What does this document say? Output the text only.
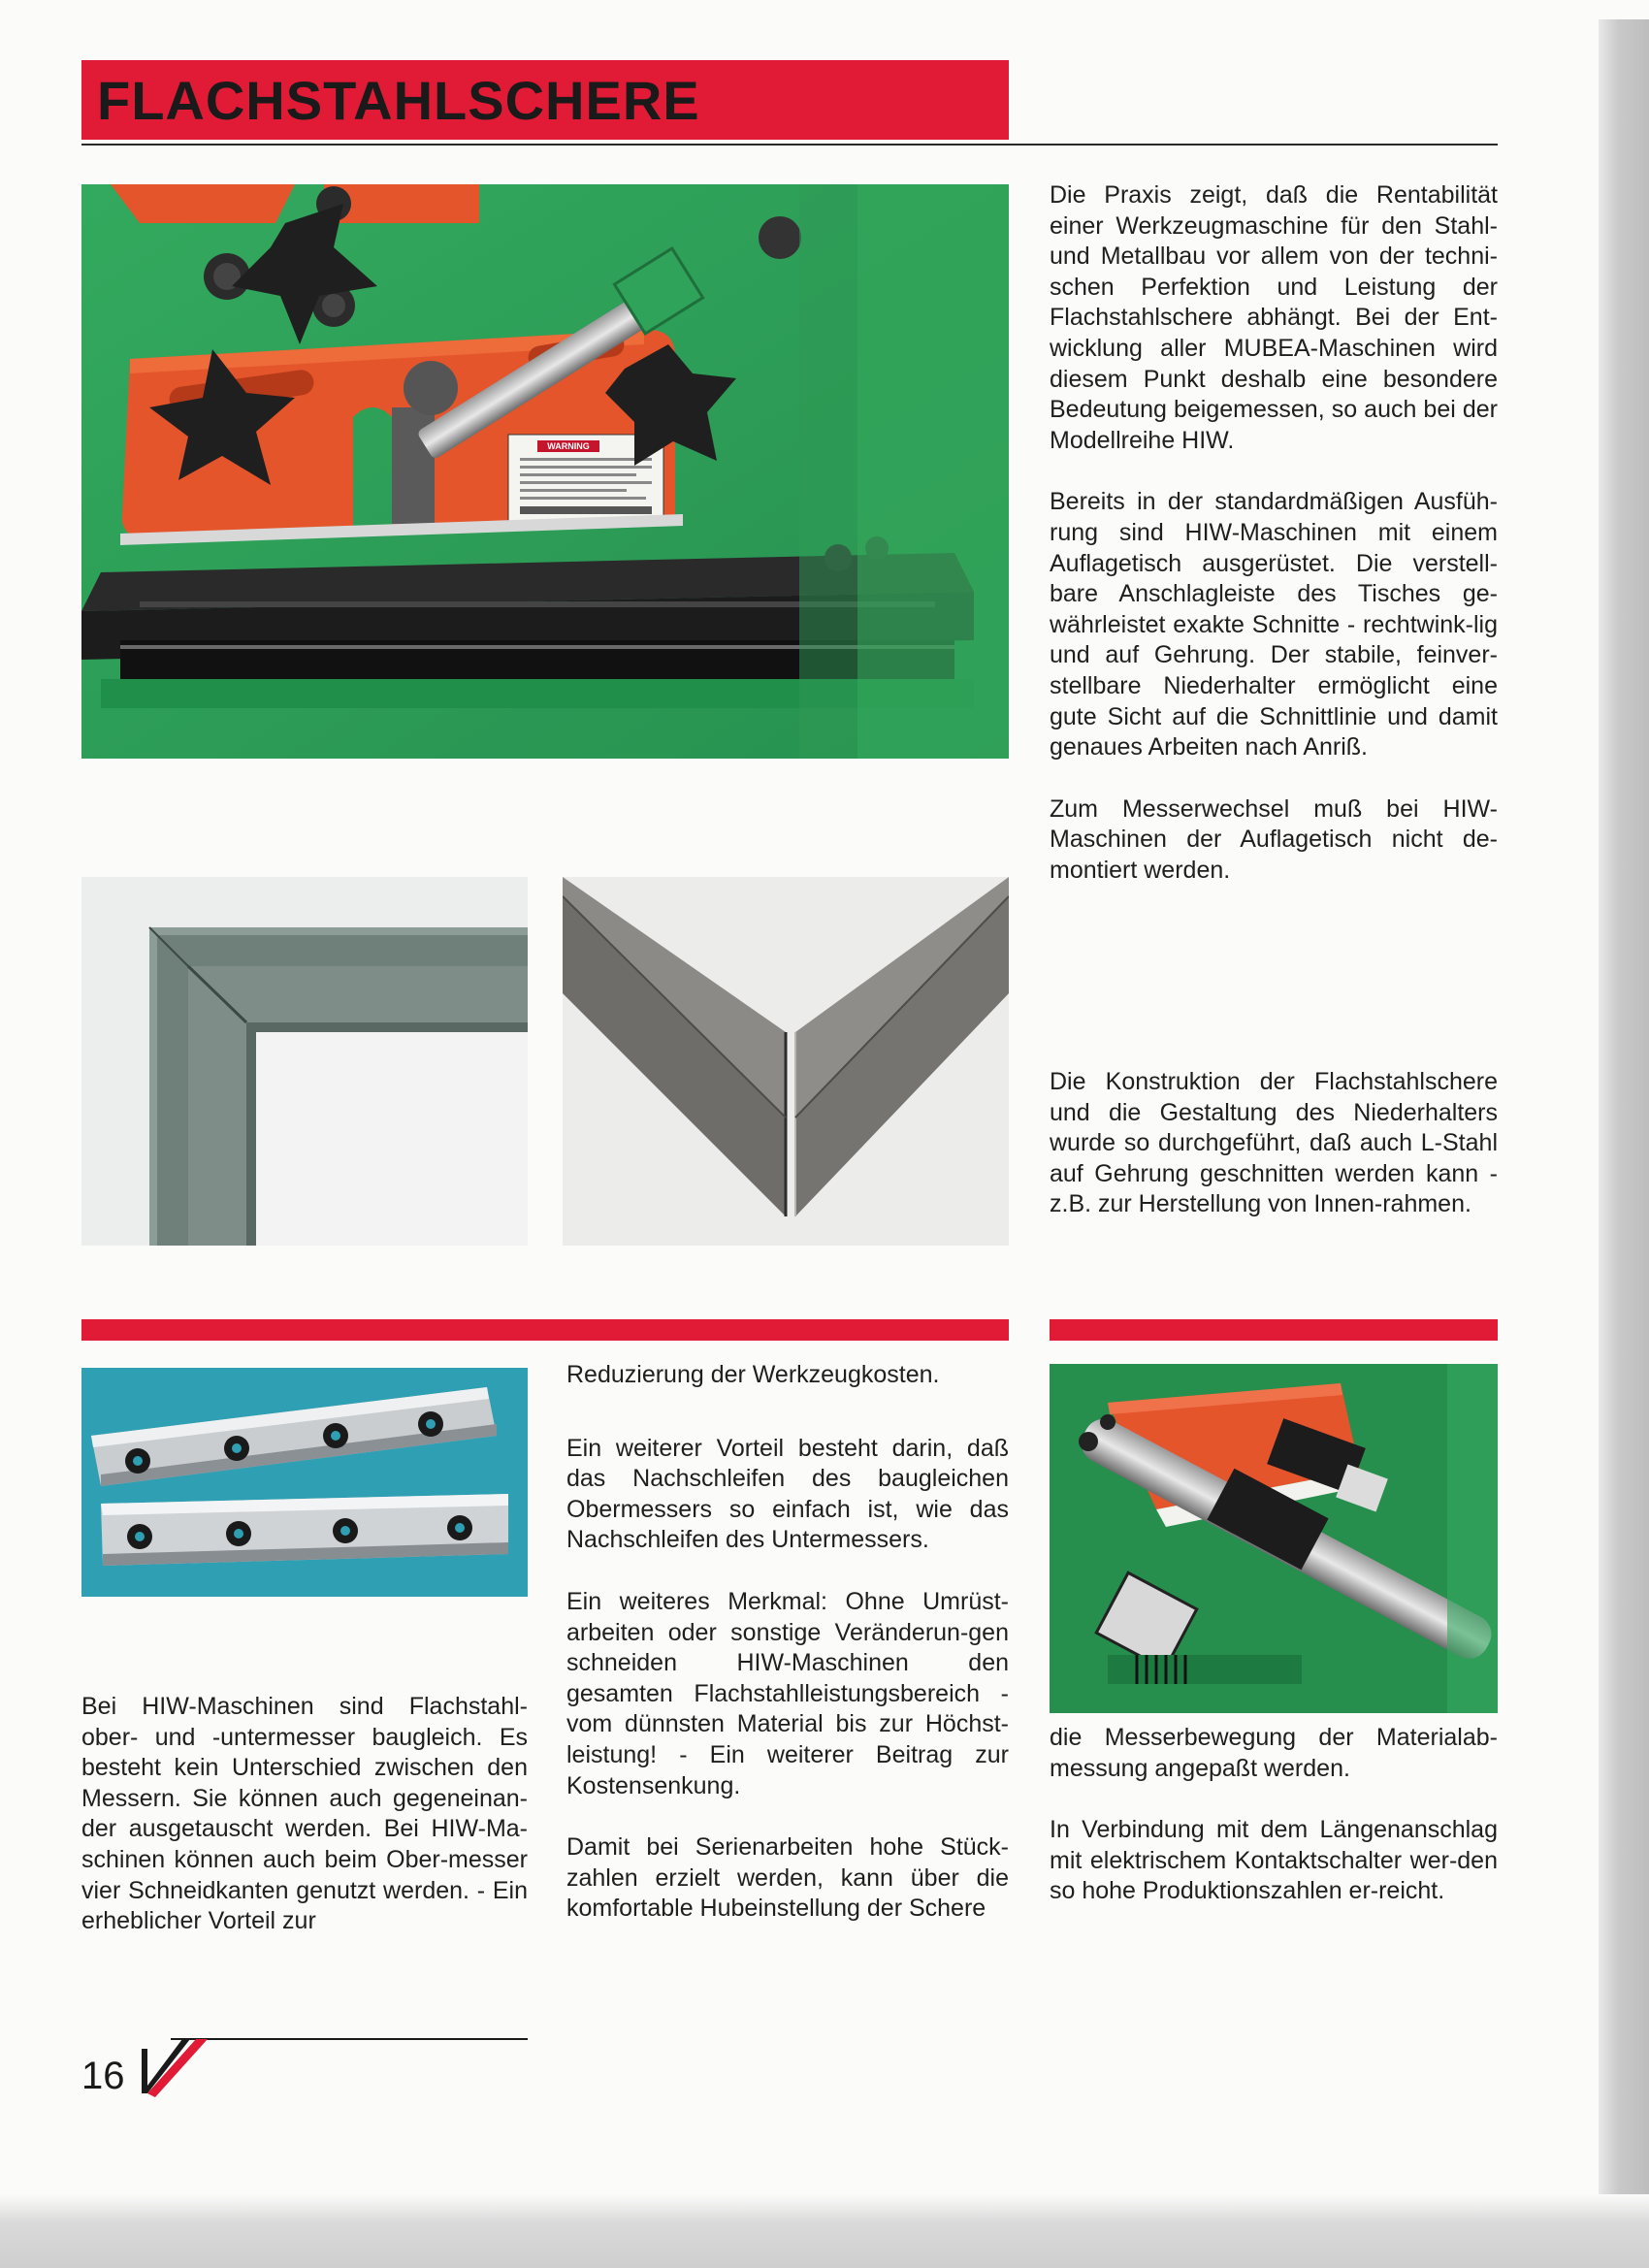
FLACHSTAHLSCHERE
WARNING

Die Praxis zeigt, daß die Rentabilität einer Werkzeugmaschine für den Stahl- und Metallbau vor allem von der techni-schen Perfektion und Leistung der Flachstahlschere abhängt. Bei der Ent-wicklung aller MUBEA-Maschinen wird diesem Punkt deshalb eine besondere Bedeutung beigemessen, so auch bei der Modellreihe HIW.

Bereits in der standardmäßigen Ausfüh-rung sind HIW-Maschinen mit einem Auflagetisch ausgerüstet. Die verstell-bare Anschlagleiste des Tisches ge-währleistet exakte Schnitte - rechtwink-lig und auf Gehrung. Der stabile, feinver-stellbare Niederhalter ermöglicht eine gute Sicht auf die Schnittlinie und damit genaues Arbeiten nach Anriß.

Zum Messerwechsel muß bei HIW-Maschinen der Auflagetisch nicht de-montiert werden.

Die Konstruktion der Flachstahlschere und die Gestaltung des Niederhalters wurde so durchgeführt, daß auch L-Stahl auf Gehrung geschnitten werden kann - z.B. zur Herstellung von Innen-rahmen.

Bei HIW-Maschinen sind Flachstahl-ober- und -untermesser baugleich. Es besteht kein Unterschied zwischen den Messern. Sie können auch gegeneinan-der ausgetauscht werden. Bei HIW-Ma-schinen können auch beim Ober-messer vier Schneidkanten genutzt werden. - Ein erheblicher Vorteil zur

Reduzierung der Werkzeugkosten.

Ein weiterer Vorteil besteht darin, daß das Nachschleifen des baugleichen Obermessers so einfach ist, wie das Nachschleifen des Untermessers.

Ein weiteres Merkmal: Ohne Umrüst-arbeiten oder sonstige Veränderun-gen schneiden HIW-Maschinen den gesamten Flachstahlleistungsbereich - vom dünnsten Material bis zur Höchst-leistung! - Ein weiterer Beitrag zur Kostensenkung.

Damit bei Serienarbeiten hohe Stück-zahlen erzielt werden, kann über die komfortable Hubeinstellung der Schere

die Messerbewegung der Materialab-messung angepaßt werden.

In Verbindung mit dem Längenanschlag mit elektrischem Kontaktschalter wer-den so hohe Produktionszahlen er-reicht.

16
